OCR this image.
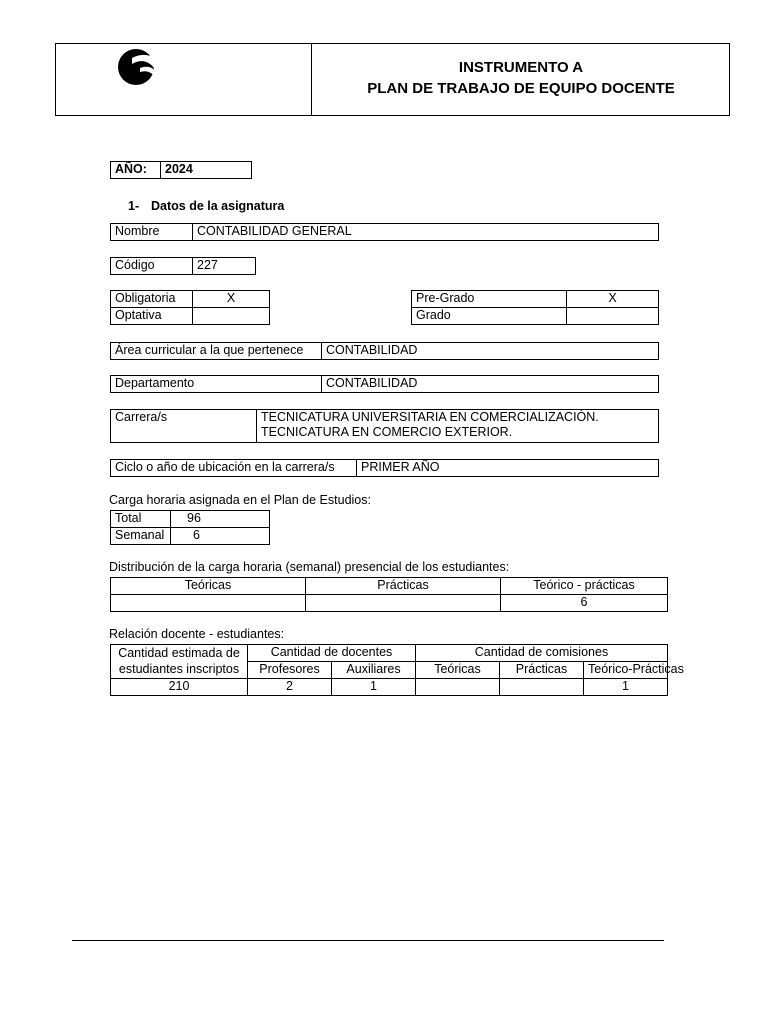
INSTRUMENTO A
PLAN DE TRABAJO DE EQUIPO DOCENTE
AÑO:	2024
1- Datos de la asignatura
Nombre	CONTABILIDAD GENERAL
Código	227
Obligatoria	X
Optativa	
Pre-Grado	X
Grado	
Área curricular a la que pertenece	CONTABILIDAD
Departamento	CONTABILIDAD
Carrera/s	TECNICATURA UNIVERSITARIA EN COMERCIALIZACIÓN.
TECNICATURA EN COMERCIO EXTERIOR.
Ciclo o año de ubicación en la carrera/s	PRIMER AÑO
Carga horaria asignada en el Plan de Estudios:
Total	96
Semanal	6
Distribución de la carga horaria (semanal) presencial de los estudiantes:
Teóricas	Prácticas	Teórico - prácticas
		6
Relación docente - estudiantes:
Cantidad estimada de
estudiantes inscriptos	Cantidad de docentes		Cantidad de comisiones		
	Profesores	Auxiliares	Teóricas	Prácticas	Teórico-Prácticas
210	2	1			1
